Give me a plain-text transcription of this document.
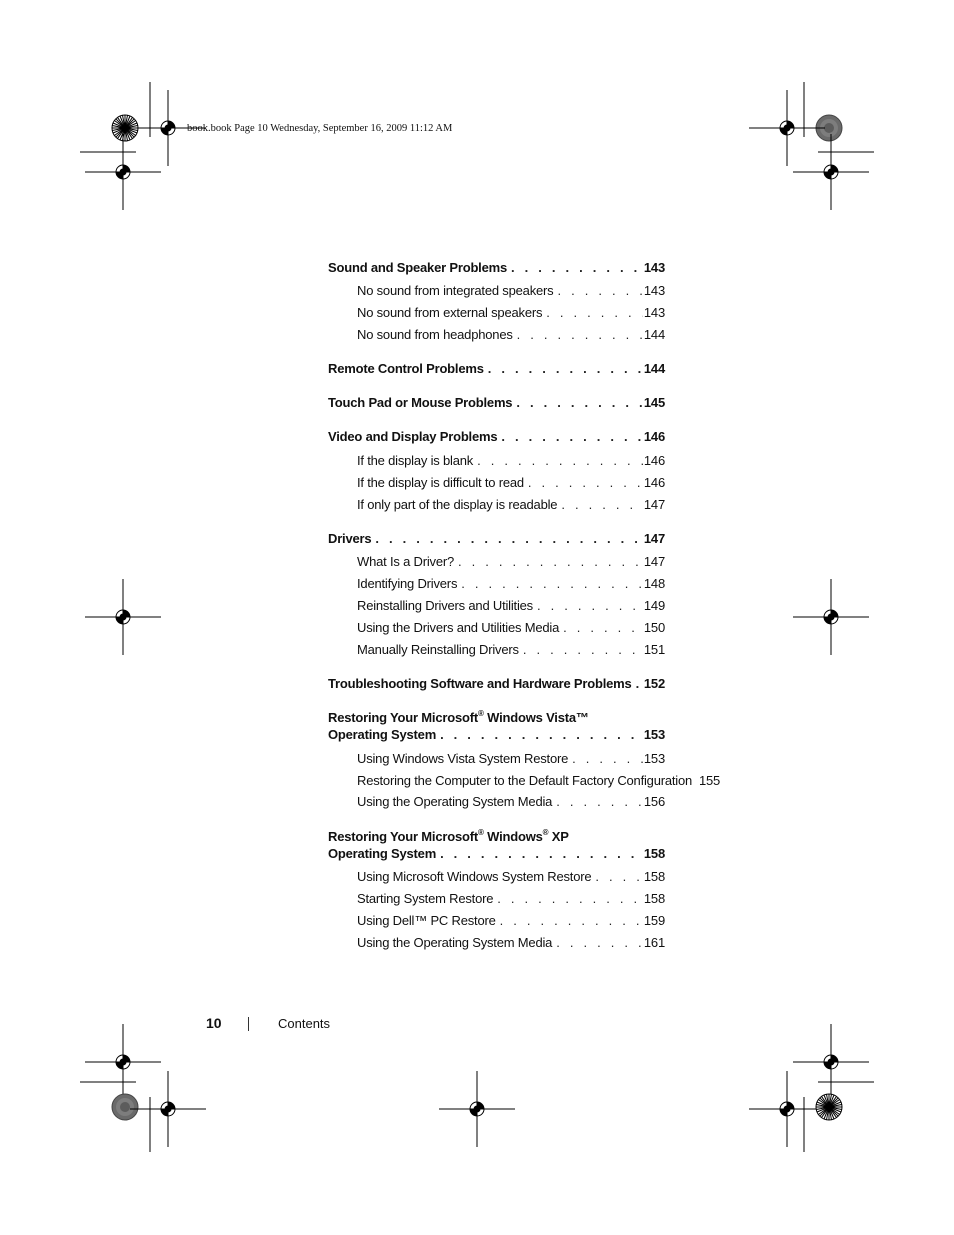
book.book Page 10 Wednesday, September 16, 2009 11:12 AM
Sound and Speaker Problems . . .	143
No sound from integrated speakers . . .	143
No sound from external speakers . . .	143
No sound from headphones . . .	144
Remote Control Problems . . .	144
Touch Pad or Mouse Problems . . .	145
Video and Display Problems . . .	146
If the display is blank . . .	146
If the display is difficult to read . . .	146
If only part of the display is readable . . .	147
Drivers . . .	147
What Is a Driver? . . .	147
Identifying Drivers . . .	148
Reinstalling Drivers and Utilities . . .	149
Using the Drivers and Utilities Media . . .	150
Manually Reinstalling Drivers . . .	151
Troubleshooting Software and Hardware Problems . . . 152
Restoring Your Microsoft® Windows Vista™
Operating System . . .	153
Using Windows Vista System Restore . . .	153
Restoring the Computer to the Default Factory Configuration 155
Using the Operating System Media . . .	156
Restoring Your Microsoft® Windows® XP
Operating System . . .	158
Using Microsoft Windows System Restore . . .	158
Starting System Restore . . .	158
Using Dell™ PC Restore . . .	159
Using the Operating System Media . . .	161
10	Contents
